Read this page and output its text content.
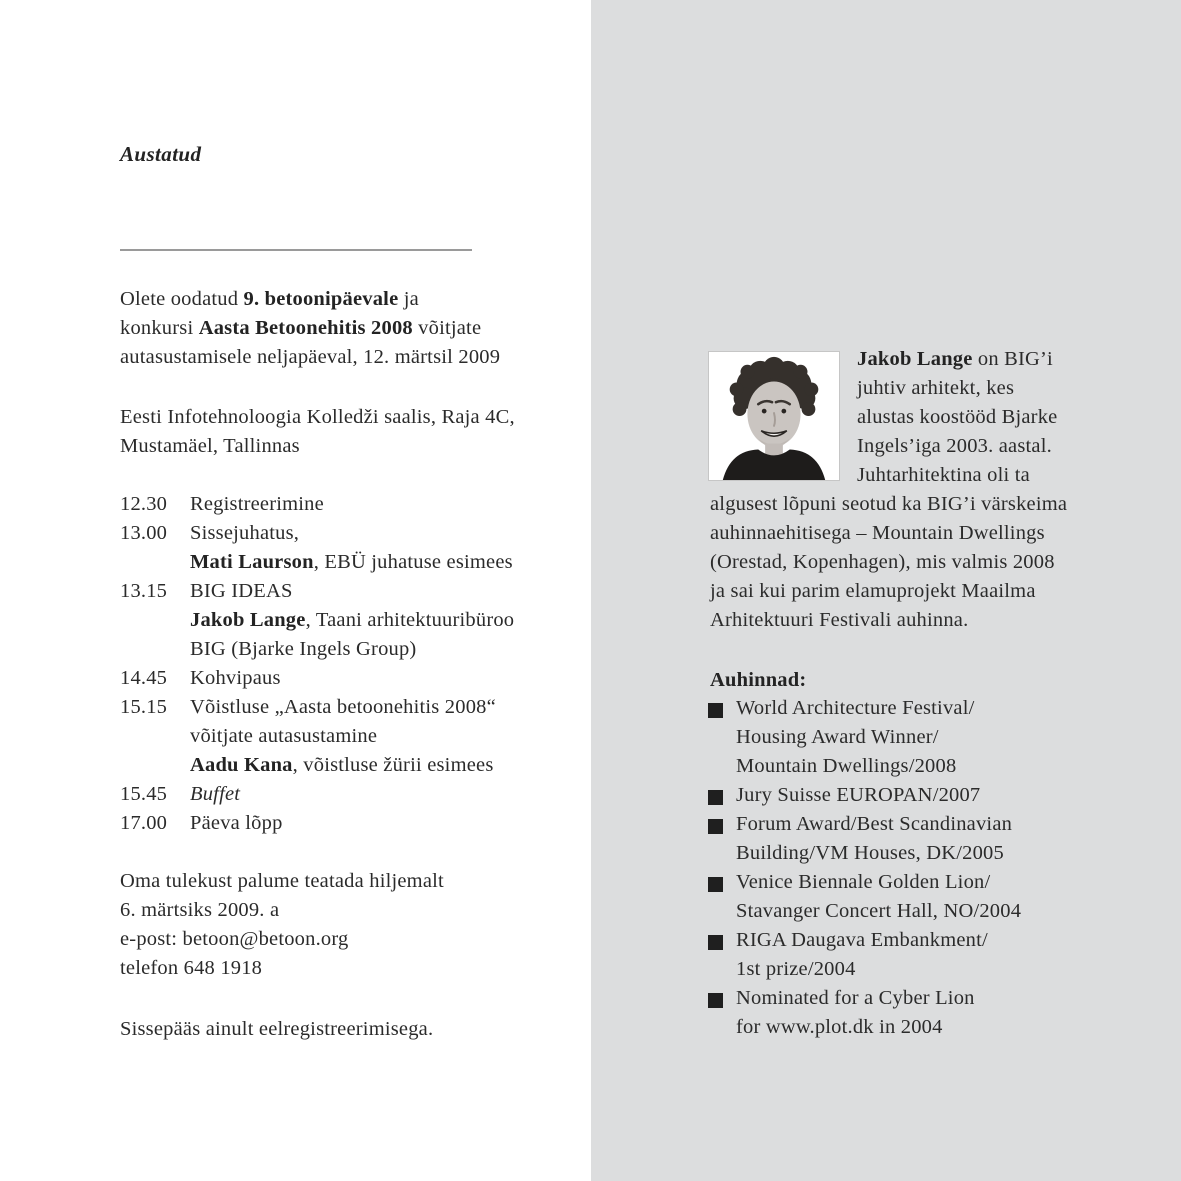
Jakob Lange on BIG’i
juhtiv arhitekt, kes
alustas koostööd Bjarke
Ingels’iga 2003. aastal.
Juhtarhitektina oli ta
algusest lõpuni seotud ka BIG’i värskeima
auhinnaehitisega – Mountain Dwellings
(Orestad, Kopenhagen), mis valmis 2008
ja sai kui parim elamuprojekt Maailma
Arhitektuuri Festivali auhinna.
Auhinnad:
World Architecture Festival/
Housing Award Winner/
Mountain Dwellings/2008
Jury Suisse EUROPAN/2007
Forum Award/Best Scandinavian
Building/VM Houses, DK/2005
Venice Biennale Golden Lion/
Stavanger Concert Hall, NO/2004
RIGA Daugava Embankment/
1st prize/2004
Nominated for a Cyber Lion
for www.plot.dk in 2004
Austatud
Olete oodatud 9. betoonipäevale ja
konkursi Aasta Betoonehitis 2008 võitjate
autasustamisele neljapäeval, 12. märtsil 2009
Eesti Infotehnoloogia Kolledži saalis, Raja 4C,
Mustamäel, Tallinnas
12.30	Registreerimine
13.00	Sissejuhatus,
Mati Laurson, EBÜ juhatuse esimees
13.15	BIG IDEAS
Jakob Lange, Taani arhitektuuribüroo
BIG (Bjarke Ingels Group)
14.45	Kohvipaus
15.15	Võistluse „Aasta betoonehitis 2008“
võitjate autasustamine
Aadu Kana, võistluse žürii esimees
15.45	Buffet
17.00	Päeva lõpp
Oma tulekust palume teatada hiljemalt
6. märtsiks 2009. a
e-post: betoon@betoon.org
telefon 648 1918
Sissepääs ainult eelregistreerimisega.
